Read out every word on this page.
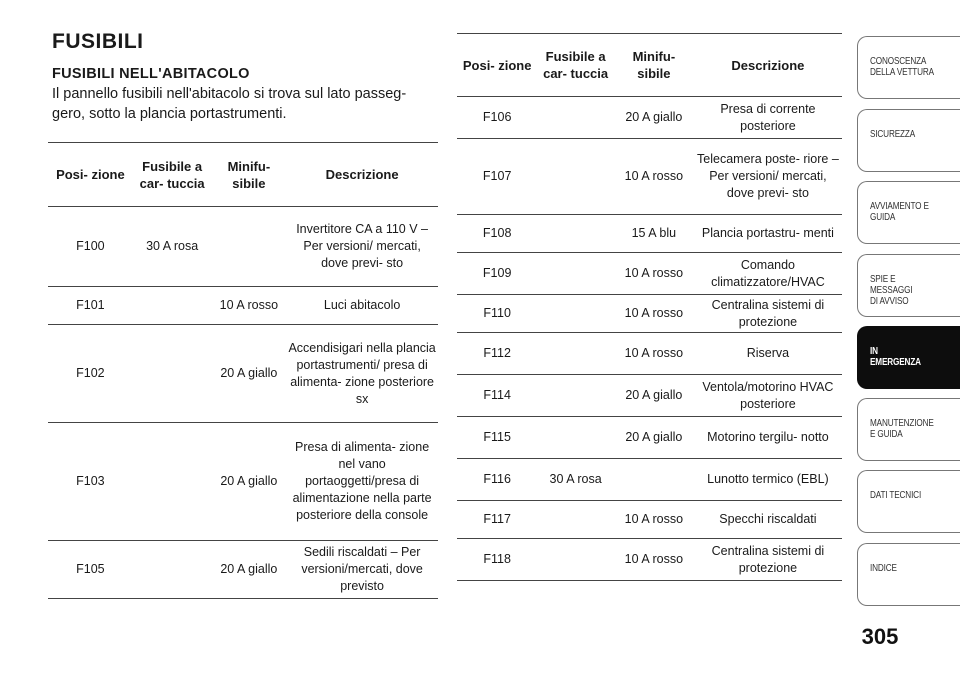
FUSIBILI
FUSIBILI NELL'ABITACOLO
Il pannello fusibili nell'abitacolo si trova sul lato passeg- gero, sotto la plancia portastrumenti.
Posi- zione	Fusibile a car- tuccia	Minifu- sibile	Descrizione
F100	30 A rosa		Invertitore CA a 110 V – Per versioni/ mercati, dove previ- sto
F101		10 A rosso	Luci abitacolo
F102		20 A giallo	Accendisigari nella plancia portastrumenti/ presa di alimenta- zione posteriore sx
F103		20 A giallo	Presa di alimenta- zione nel vano portaoggetti/presa di alimentazione nella parte posteriore della console
F105		20 A giallo	Sedili riscaldati – Per versioni/mercati, dove previsto
Posi- zione	Fusibile a car- tuccia	Minifu- sibile	Descrizione
F106		20 A giallo	Presa di corrente posteriore
F107		10 A rosso	Telecamera poste- riore – Per versioni/ mercati, dove previ- sto
F108		15 A blu	Plancia portastru- menti
F109		10 A rosso	Comando climatizzatore/HVAC
F110		10 A rosso	Centralina sistemi di protezione
F112		10 A rosso	Riserva
F114		20 A giallo	Ventola/motorino HVAC posteriore
F115		20 A giallo	Motorino tergilu- notto
F116	30 A rosa		Lunotto termico (EBL)
F117		10 A rosso	Specchi riscaldati
F118		10 A rosso	Centralina sistemi di protezione
CONOSCENZA
DELLA VETTURA
SICUREZZA
AVVIAMENTO E
GUIDA
SPIE E
MESSAGGI
DI AVVISO
IN
EMERGENZA
MANUTENZIONE
E GUIDA
DATI TECNICI
INDICE
305
